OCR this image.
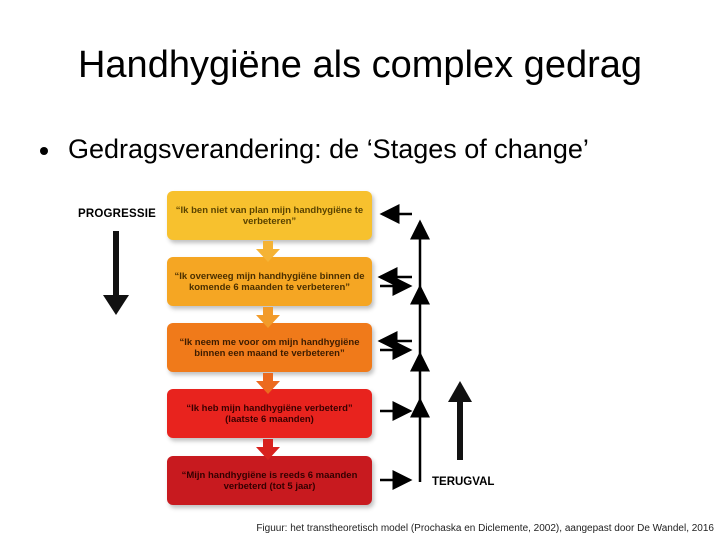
Handhygiëne als complex gedrag
Gedragsverandering: de ‘Stages of change’
PROGRESSIE “Ik ben niet van plan mijn handhygiëne te verbeteren”
“Ik overweeg mijn handhygiëne binnen de komende 6 maanden te verbeteren”
“Ik neem me voor om mijn handhygiëne binnen een maand te verbeteren”
“Ik heb mijn handhygiëne verbeterd” (laatste 6 maanden)
“Mijn handhygiëne is reeds 6 maanden verbeterd (tot 5 jaar)	TERUGVAL
Figuur: het transtheoretisch model (Prochaska en Diclemente, 2002), aangepast door De Wandel, 2016
